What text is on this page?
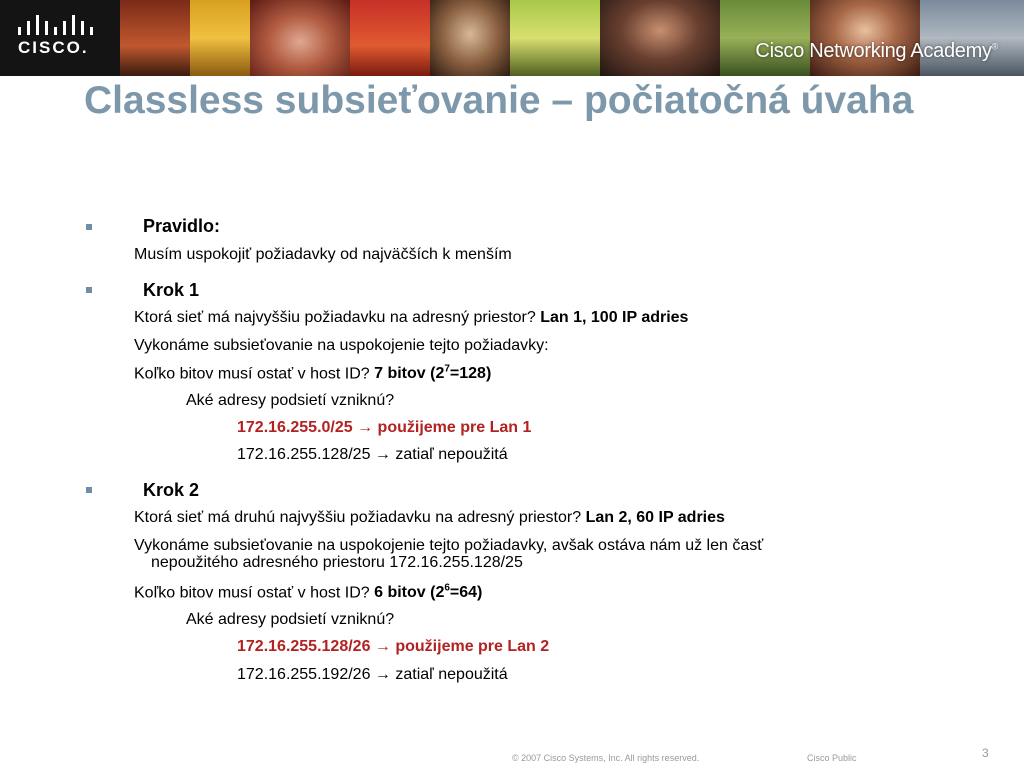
CISCO.	Cisco Networking Academy®
Classless subsieťovanie – počiatočná úvaha
Pravidlo:
Musím uspokojiť požiadavky od najväčších k menším
Krok 1
Ktorá sieť má najvyššiu požiadavku na adresný priestor? Lan 1, 100 IP adries
Vykonáme subsieťovanie na uspokojenie tejto požiadavky:
Koľko bitov musí ostať v host ID? 7 bitov $(2^7=128)$
Aké adresy podsietí vzniknú?
172.16.255.0/25 → použijeme pre Lan 1
172.16.255.128/25 → zatiaľ nepoužitá
Krok 2
Ktorá sieť má druhú najvyššiu požiadavku na adresný priestor? Lan 2, 60 IP adries
Vykonáme subsieťovanie na uspokojenie tejto požiadavky, avšak ostáva nám už len časť
nepoužitého adresného priestoru 172.16.255.128/25
Koľko bitov musí ostať v host ID? 6 bitov $(2^6=64)$
Aké adresy podsietí vzniknú?
172.16.255.128/26 → použijeme pre Lan 2
172.16.255.192/26 → zatiaľ nepoužitá
© 2007 Cisco Systems, Inc. All rights reserved.	Cisco Public	3
